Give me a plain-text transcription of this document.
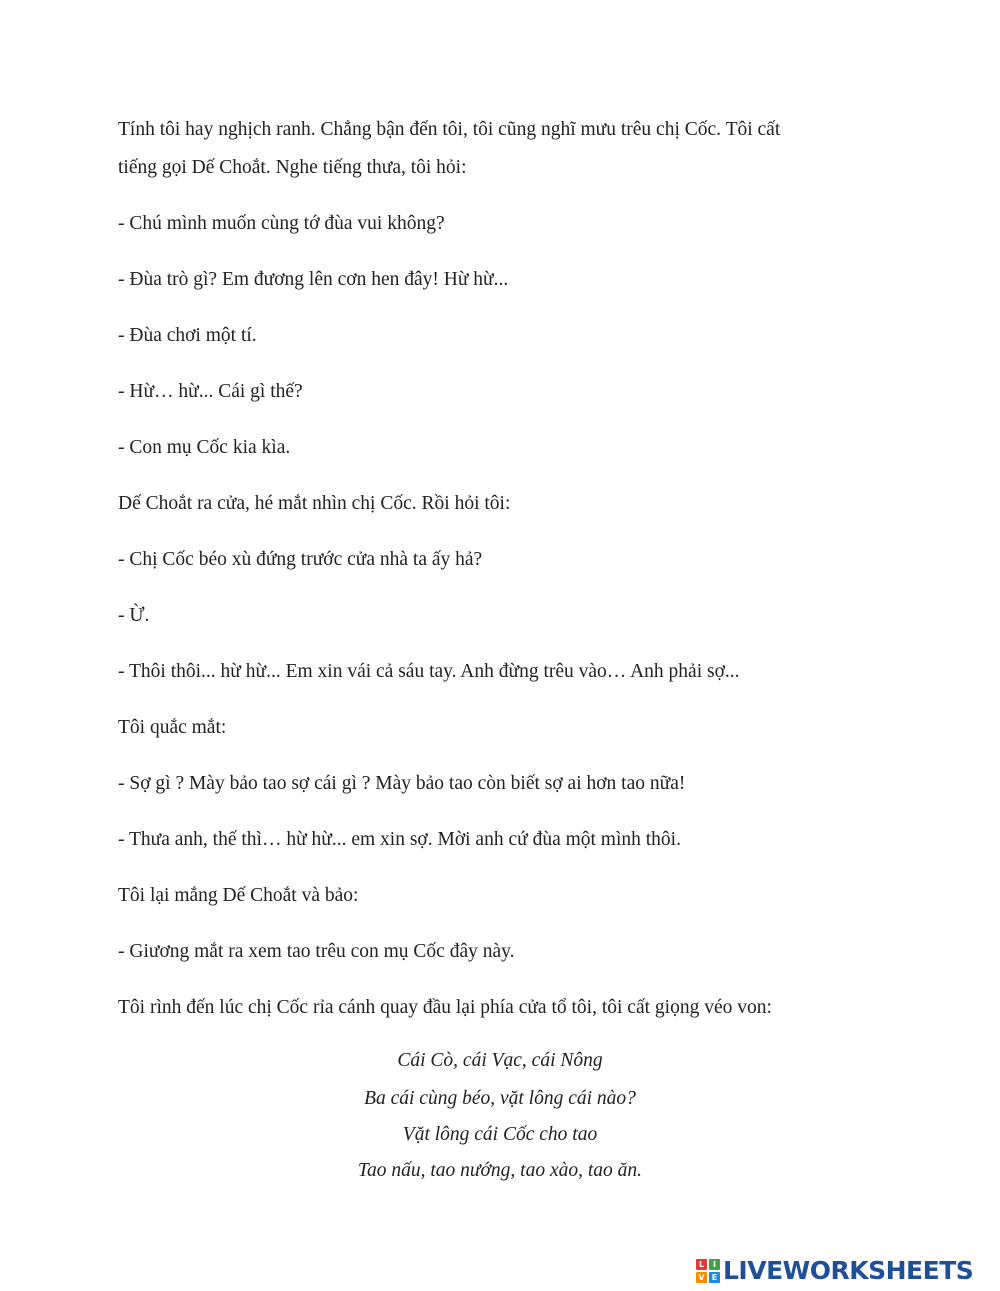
Tính tôi hay nghịch ranh. Chẳng bận đến tôi, tôi cũng nghĩ mưu trêu chị Cốc. Tôi cất
tiếng gọi Dế Choắt. Nghe tiếng thưa, tôi hỏi:
- Chú mình muốn cùng tớ đùa vui không?
- Đùa trò gì? Em đương lên cơn hen đây! Hừ hừ...
- Đùa chơi một tí.
- Hừ… hừ... Cái gì thế?
- Con mụ Cốc kia kìa.
Dế Choắt ra cửa, hé mắt nhìn chị Cốc. Rồi hỏi tôi:
- Chị Cốc béo xù đứng trước cửa nhà ta ấy hả?
- Ừ.
- Thôi thôi... hừ hừ... Em xin vái cả sáu tay. Anh đừng trêu vào… Anh phải sợ...
Tôi quắc mắt:
- Sợ gì ? Mày bảo tao sợ cái gì ? Mày bảo tao còn biết sợ ai hơn tao nữa!
- Thưa anh, thế thì… hừ hừ... em xin sợ. Mời anh cứ đùa một mình thôi.
Tôi lại mắng Dế Choắt và bảo:
- Giương mắt ra xem tao trêu con mụ Cốc đây này.
Tôi rình đến lúc chị Cốc rỉa cánh quay đầu lại phía cửa tổ tôi, tôi cất giọng véo von:
Cái Cò, cái Vạc, cái Nông
Ba cái cùng béo, vặt lông cái nào?
Vặt lông cái Cốc cho tao
Tao nấu, tao nướng, tao xào, tao ăn.
L	I
V E LIVEWORKSHEETS
